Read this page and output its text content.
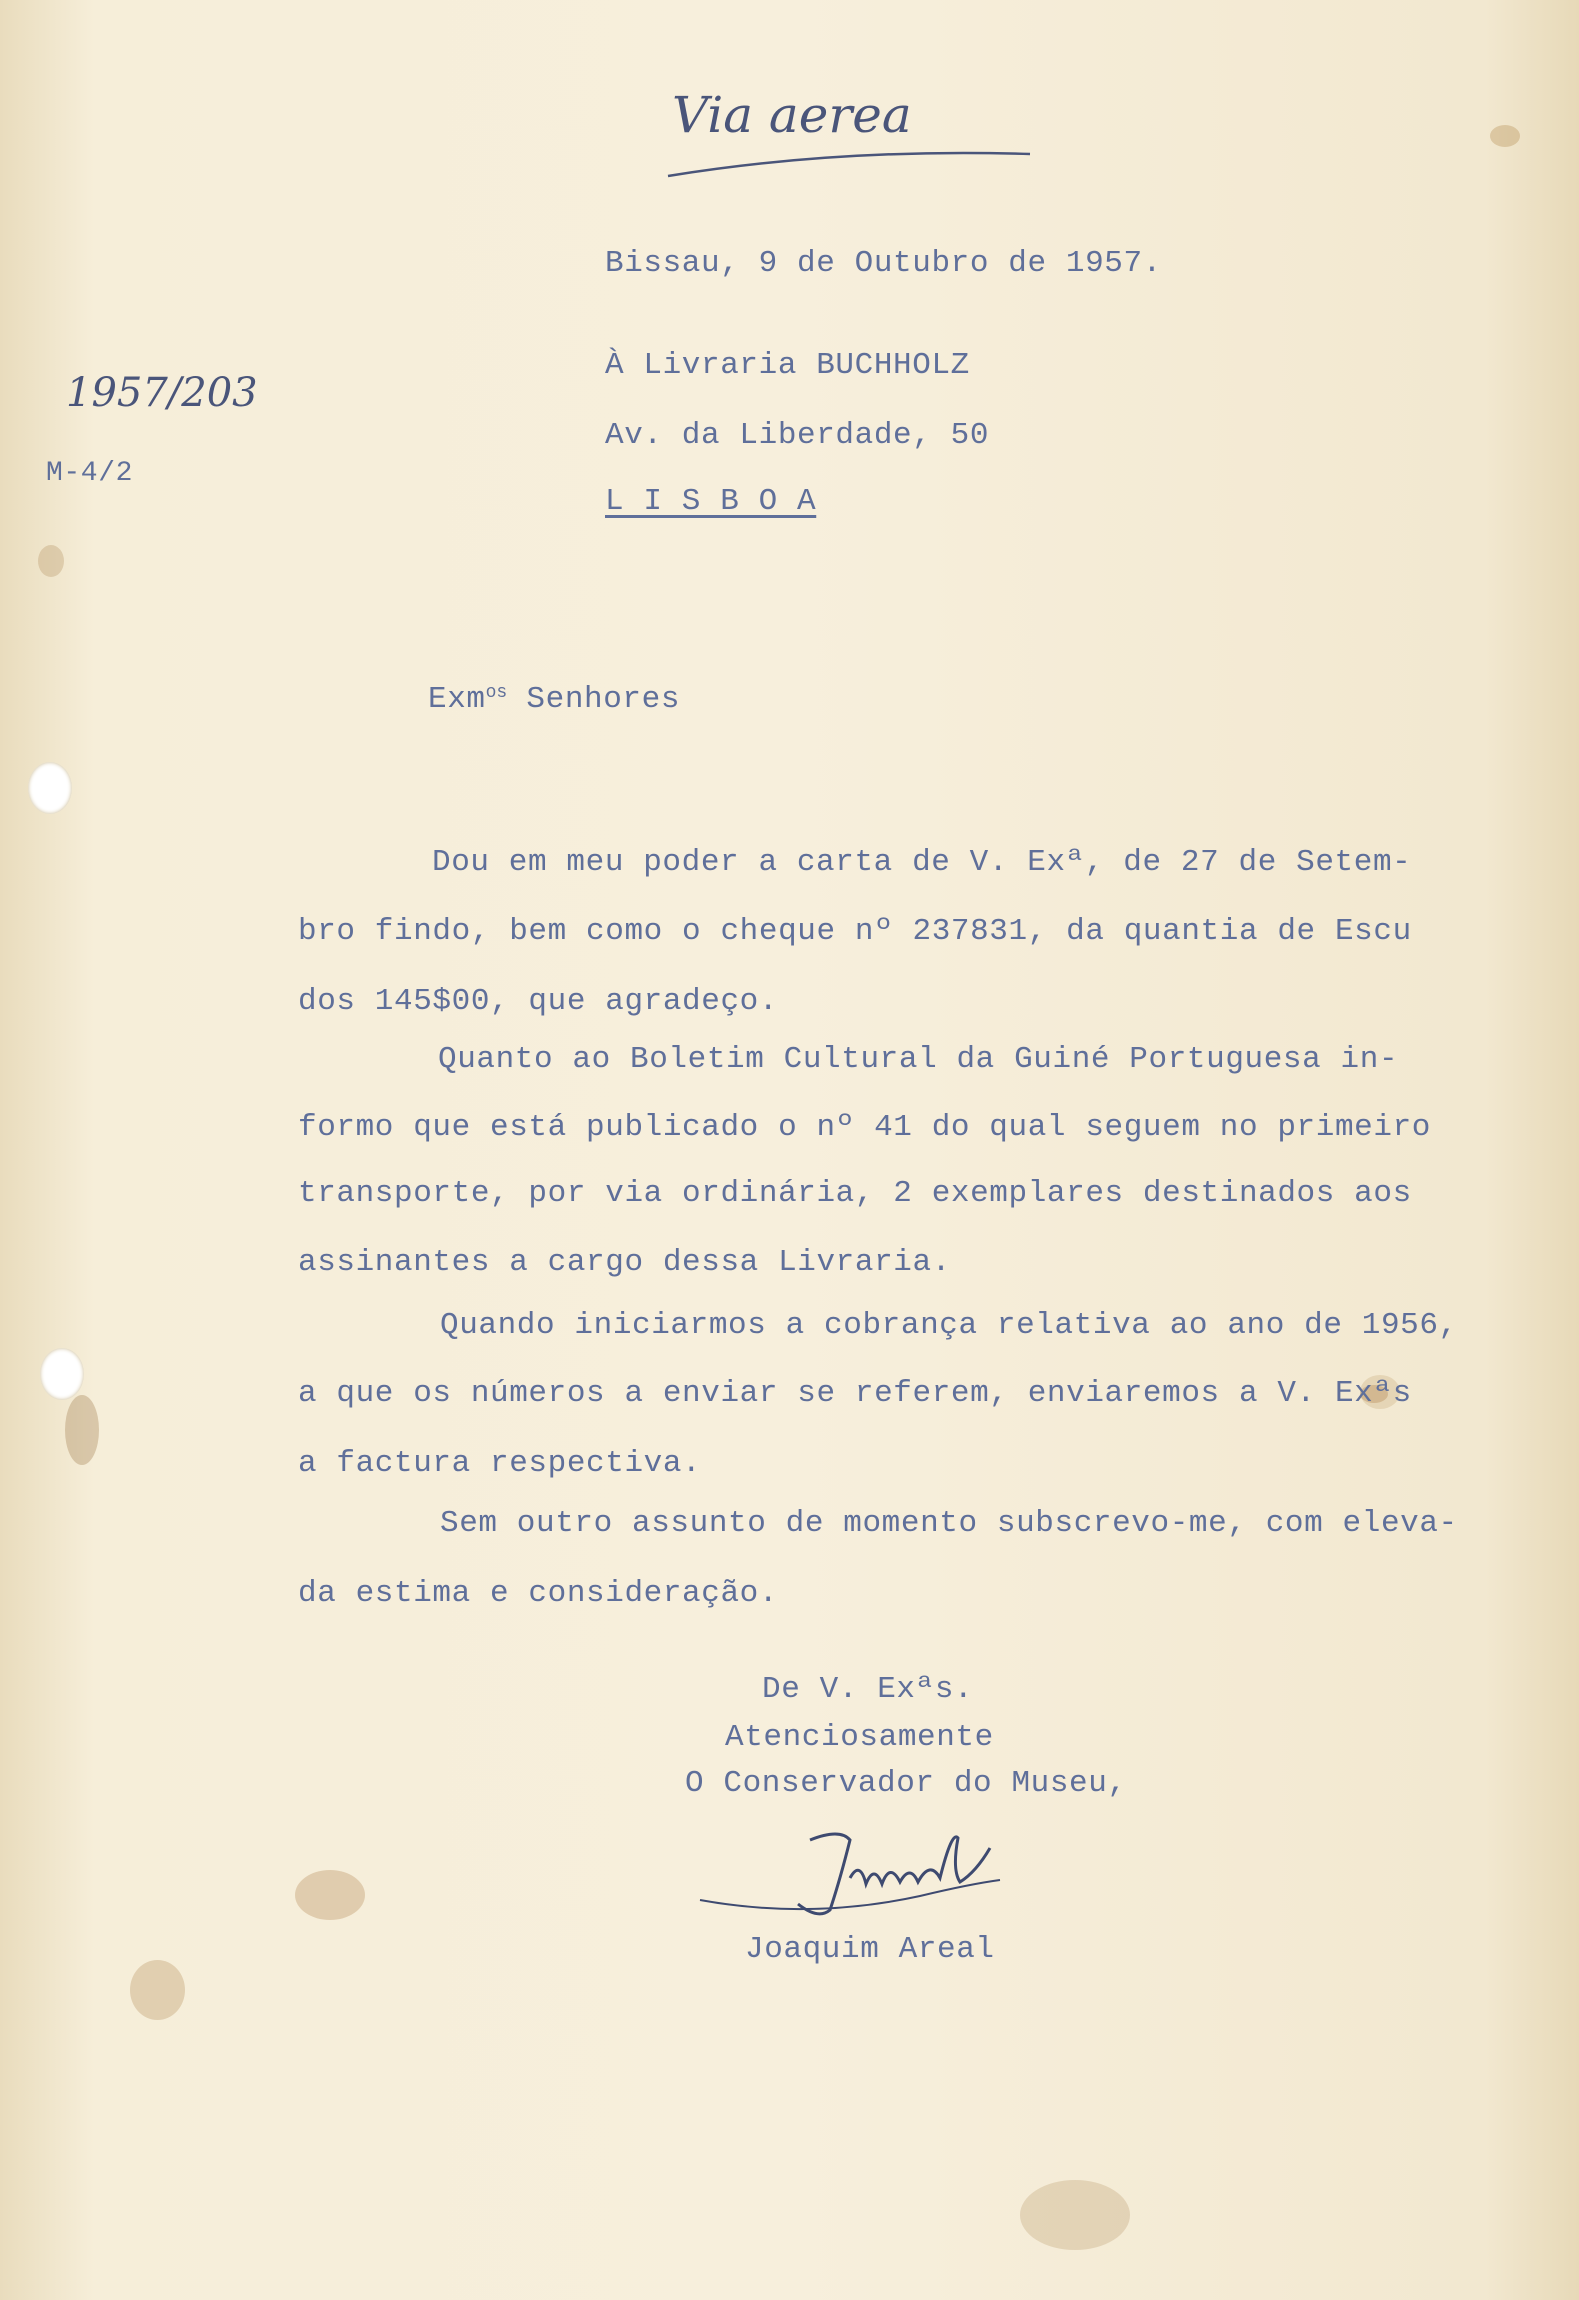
Via aerea

Bissau, 9 de Outubro de 1957.

1957/203

M-4/2

À Livraria BUCHHOLZ

Av. da Liberdade, 50

L I S B O A

Exm$^{os}$ Senhores

Dou em meu poder a carta de V. Exª, de 27 de Setem-

bro findo, bem como o cheque nº 237831, da quantia de Escu

dos 145$00, que agradeço.

Quanto ao Boletim Cultural da Guiné Portuguesa in-

formo que está publicado o nº 41 do qual seguem no primeiro

transporte, por via ordinária, 2 exemplares destinados aos

assinantes a cargo dessa Livraria.

Quando iniciarmos a cobrança relativa ao ano de 1956,

a que os números a enviar se referem, enviaremos a V. Exªs

a factura respectiva.

Sem outro assunto de momento subscrevo-me, com eleva-

da estima e consideração.

De V. Exªs.

Atenciosamente

O Conservador do Museu,

Joaquim Areal
